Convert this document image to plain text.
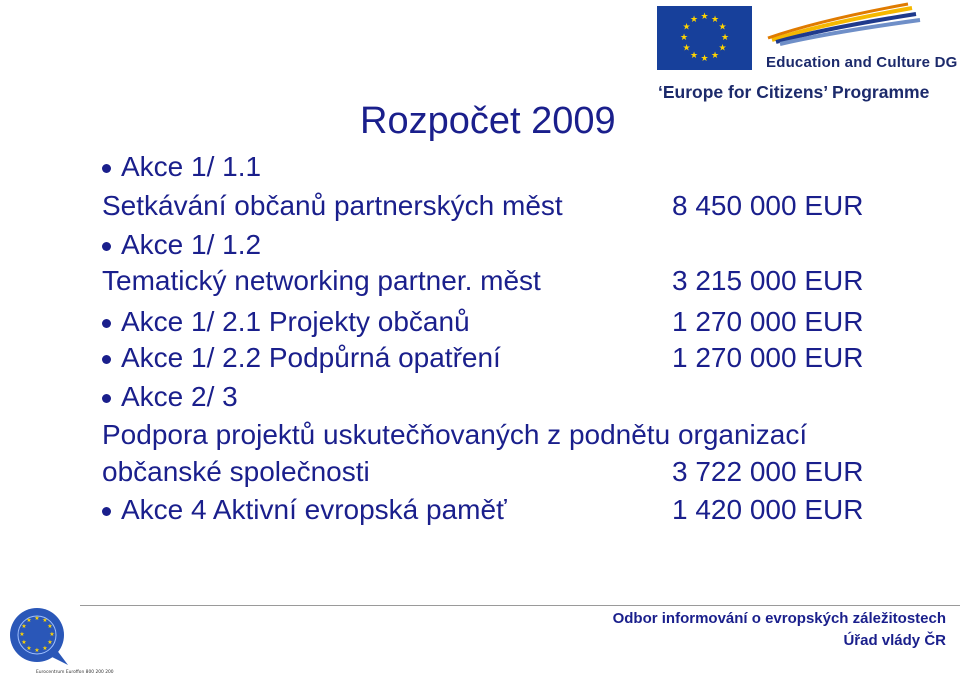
★ ★
★
★
★
★
★
★
★
★
★
★
Education and Culture DG
‘Europe for Citizens’ Programme
Rozpočet 2009
Akce 1/ 1.1
Setkávání občanů partnerských měst	8 450 000 EUR
Akce 1/ 1.2
Tematický networking partner. měst	3 215 000 EUR
Akce 1/ 2.1 Projekty občanů	1 270 000 EUR
Akce 1/ 2.2 Podpůrná opatření	1 270 000 EUR
Akce 2/ 3
Podpora projektů uskutečňovaných z podnětu organizací
občanské společnosti	3 722 000 EUR
Akce 4 Aktivní evropská paměť	1 420 000 EUR
★ ★
★
★
★
★
★
★
★
★
★
★
Eurocentrum Euroffon 800 200 200
Odbor informování o evropských záležitostech
Úřad vlády ČR
